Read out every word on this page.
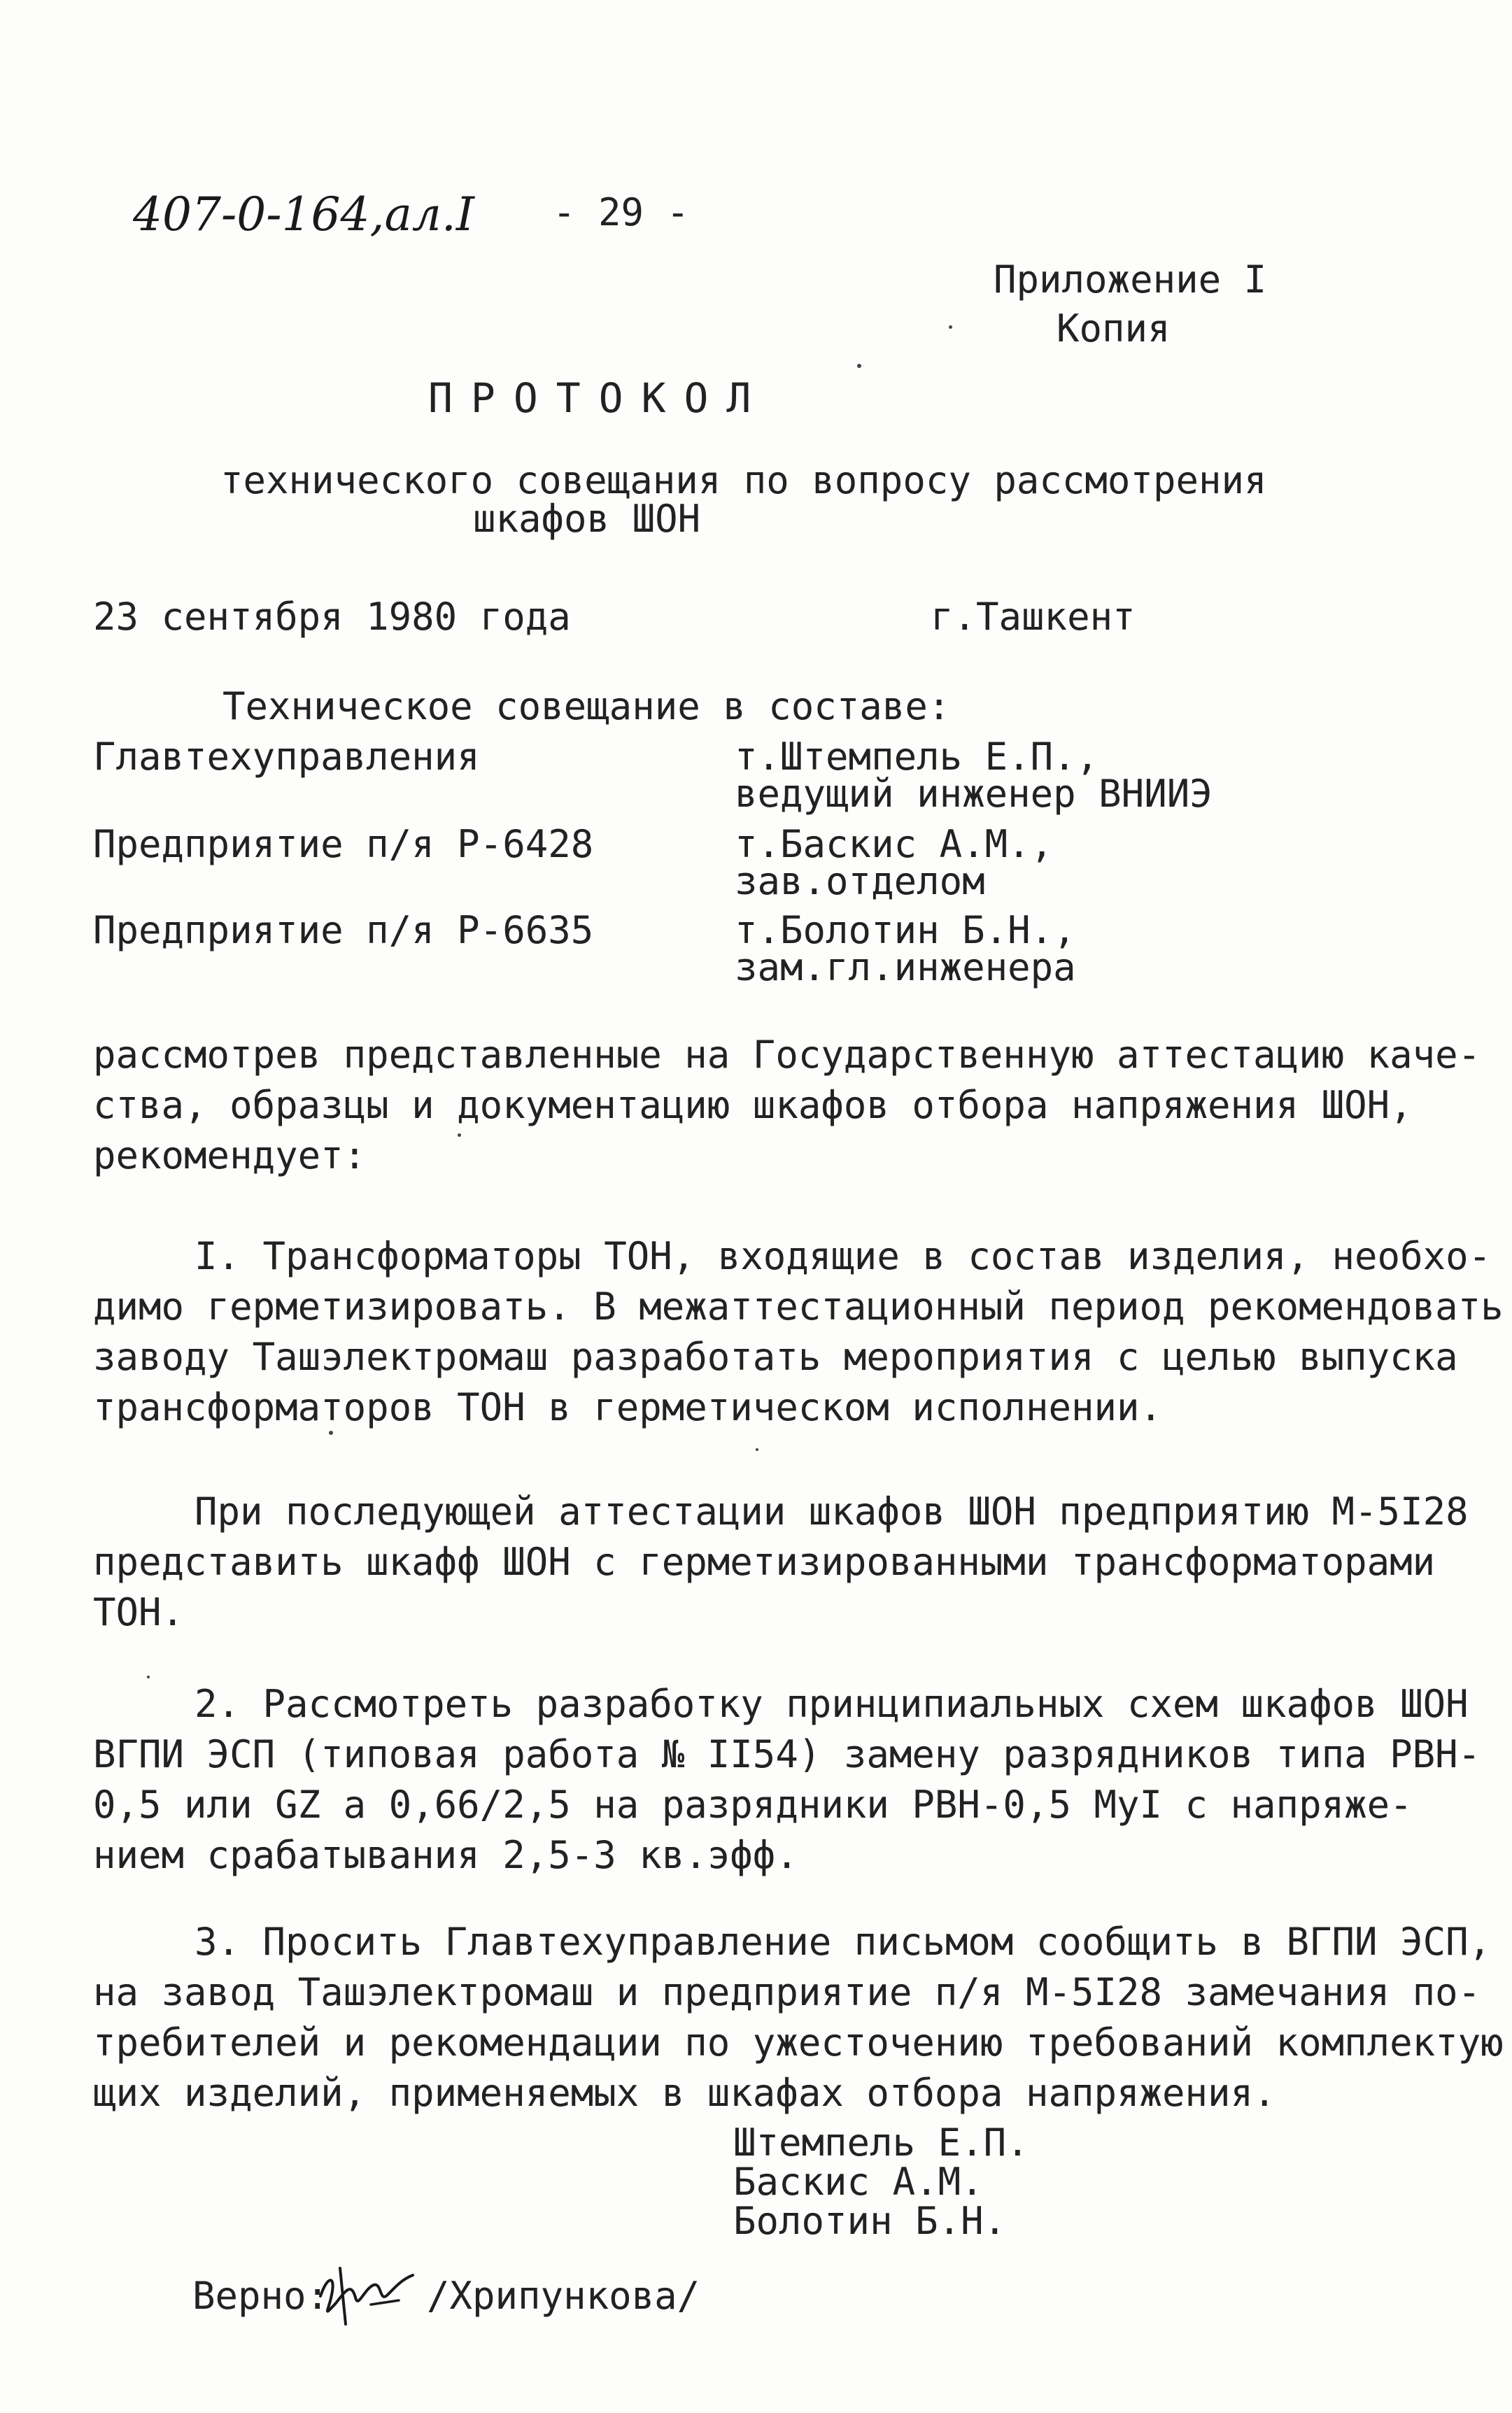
407-0-164,ал.I - 29 -
Приложение I
Копия
ПРОТОКОЛ
технического совещания по вопросу рассмотрения
шкафов ШОН
23 сентября 1980 года	г.Ташкент
Техническое совещание в составе:
Главтехуправления	т.Штемпель Е.П.,
ведущий инженер ВНИИЭ
Предприятие п/я Р-6428	т.Баскис А.М.,
зав.отделом
Предприятие п/я Р-6635	т.Болотин Б.Н.,
зам.гл.инженера
рассмотрев представленные на Государственную аттестацию каче-
ства, образцы и документацию шкафов отбора напряжения ШОН,
рекомендует:
I. Трансформаторы ТОН, входящие в состав изделия, необхо-
димо герметизировать. В межаттестационный период рекомендовать
заводу Ташэлектромаш разработать мероприятия с целью выпуска
трансформаторов ТОН в герметическом исполнении.
При последующей аттестации шкафов ШОН предприятию М-5I28
представить шкафф ШОН с герметизированными трансформаторами
ТОН.
2. Рассмотреть разработку принципиальных схем шкафов ШОН
ВГПИ ЭСП (типовая работа № II54) замену разрядников типа РВН-
0,5 или GZ a 0,66/2,5 на разрядники РВН-0,5 МуI с напряже-
нием срабатывания 2,5-3 кв.эфф.
3. Просить Главтехуправление письмом сообщить в ВГПИ ЭСП,
на завод Ташэлектромаш и предприятие п/я М-5I28 замечания по-
требителей и рекомендации по ужесточению требований комплектую
щих изделий, применяемых в шкафах отбора напряжения.
Штемпель Е.П.
Баскис А.М.
Болотин Б.Н.
Верно:	/Хрипункова/
